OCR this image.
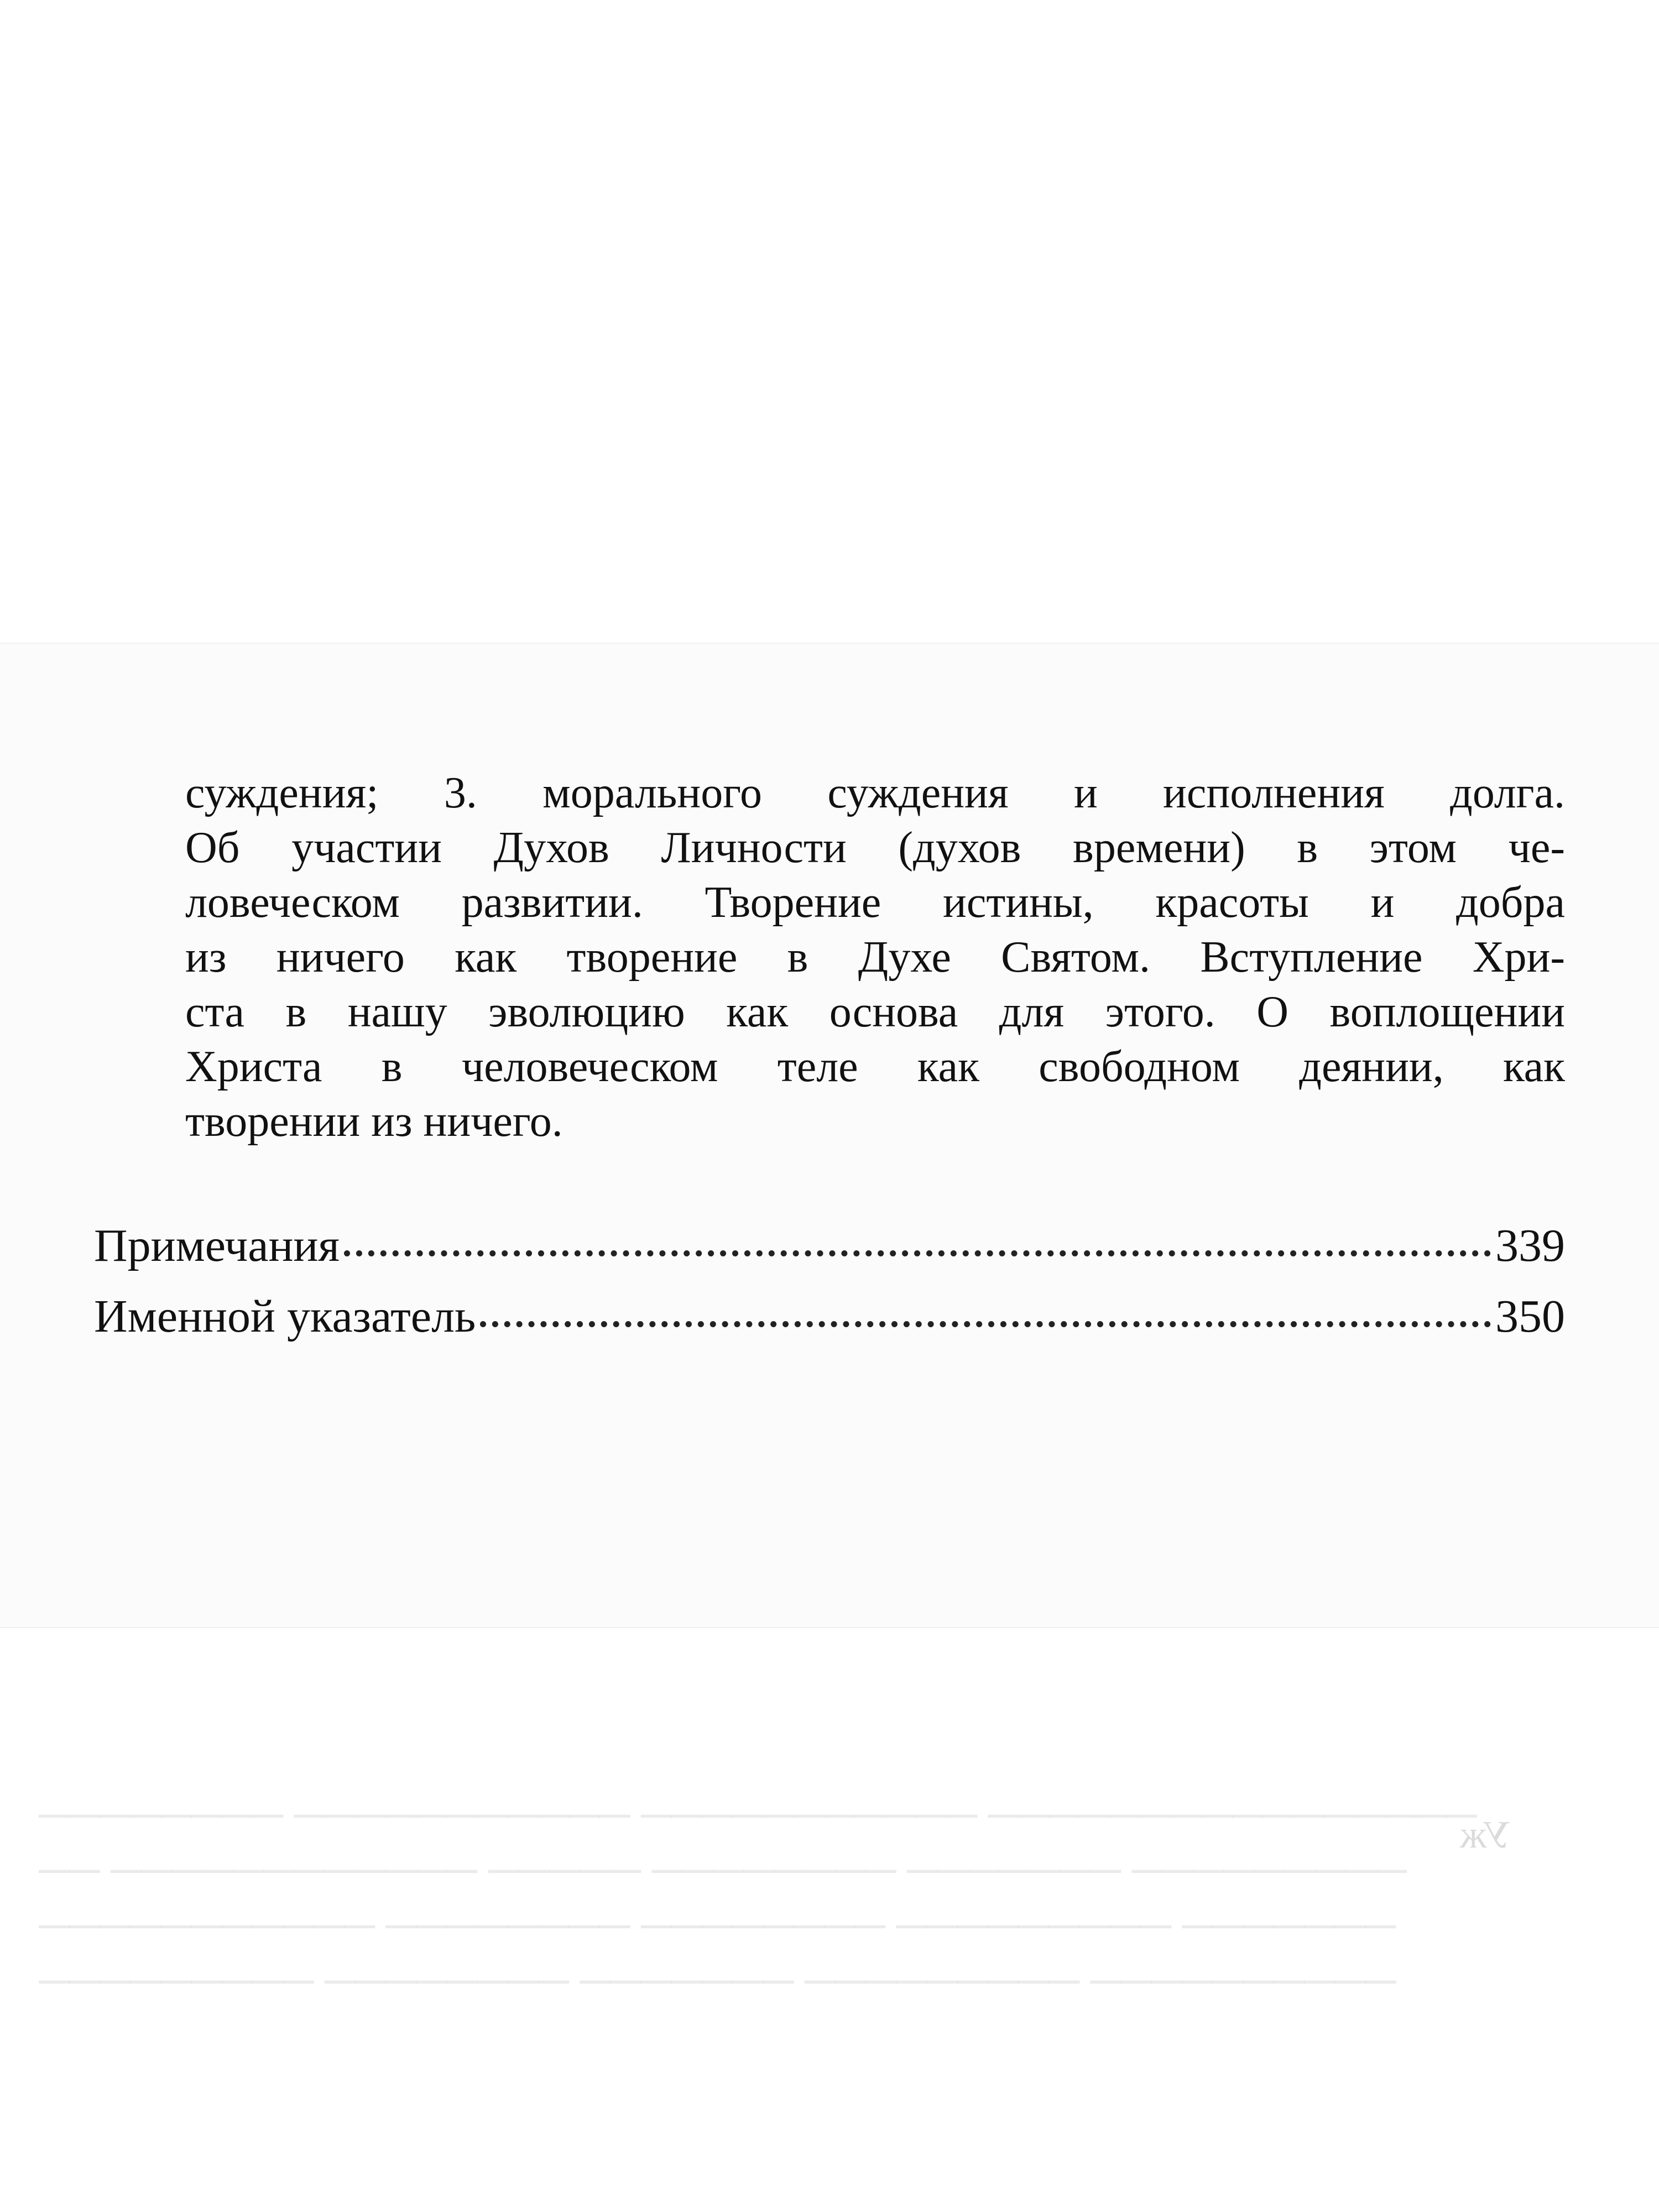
──────────────── ─────────── ─────────── ────────
───────── ─────── ──────── ───── ──────────── ──
─────── ───────── ──────── ──────── ───────────
────────── ───────── ─────── ──────── ─────────
Уж

суждения; 3. морального суждения и исполнения долга.
Об участии Духов Личности (духов времени) в этом че-
ловеческом развитии. Творение истины, красоты и добра
из ничего как творение в Духе Святом. Вступление Хри-
ста в нашу эволюцию как основа для этого. О воплощении
Христа в человеческом теле как свободном деянии, как
творении из ничего.

Примечания	339
Именной указатель	350
